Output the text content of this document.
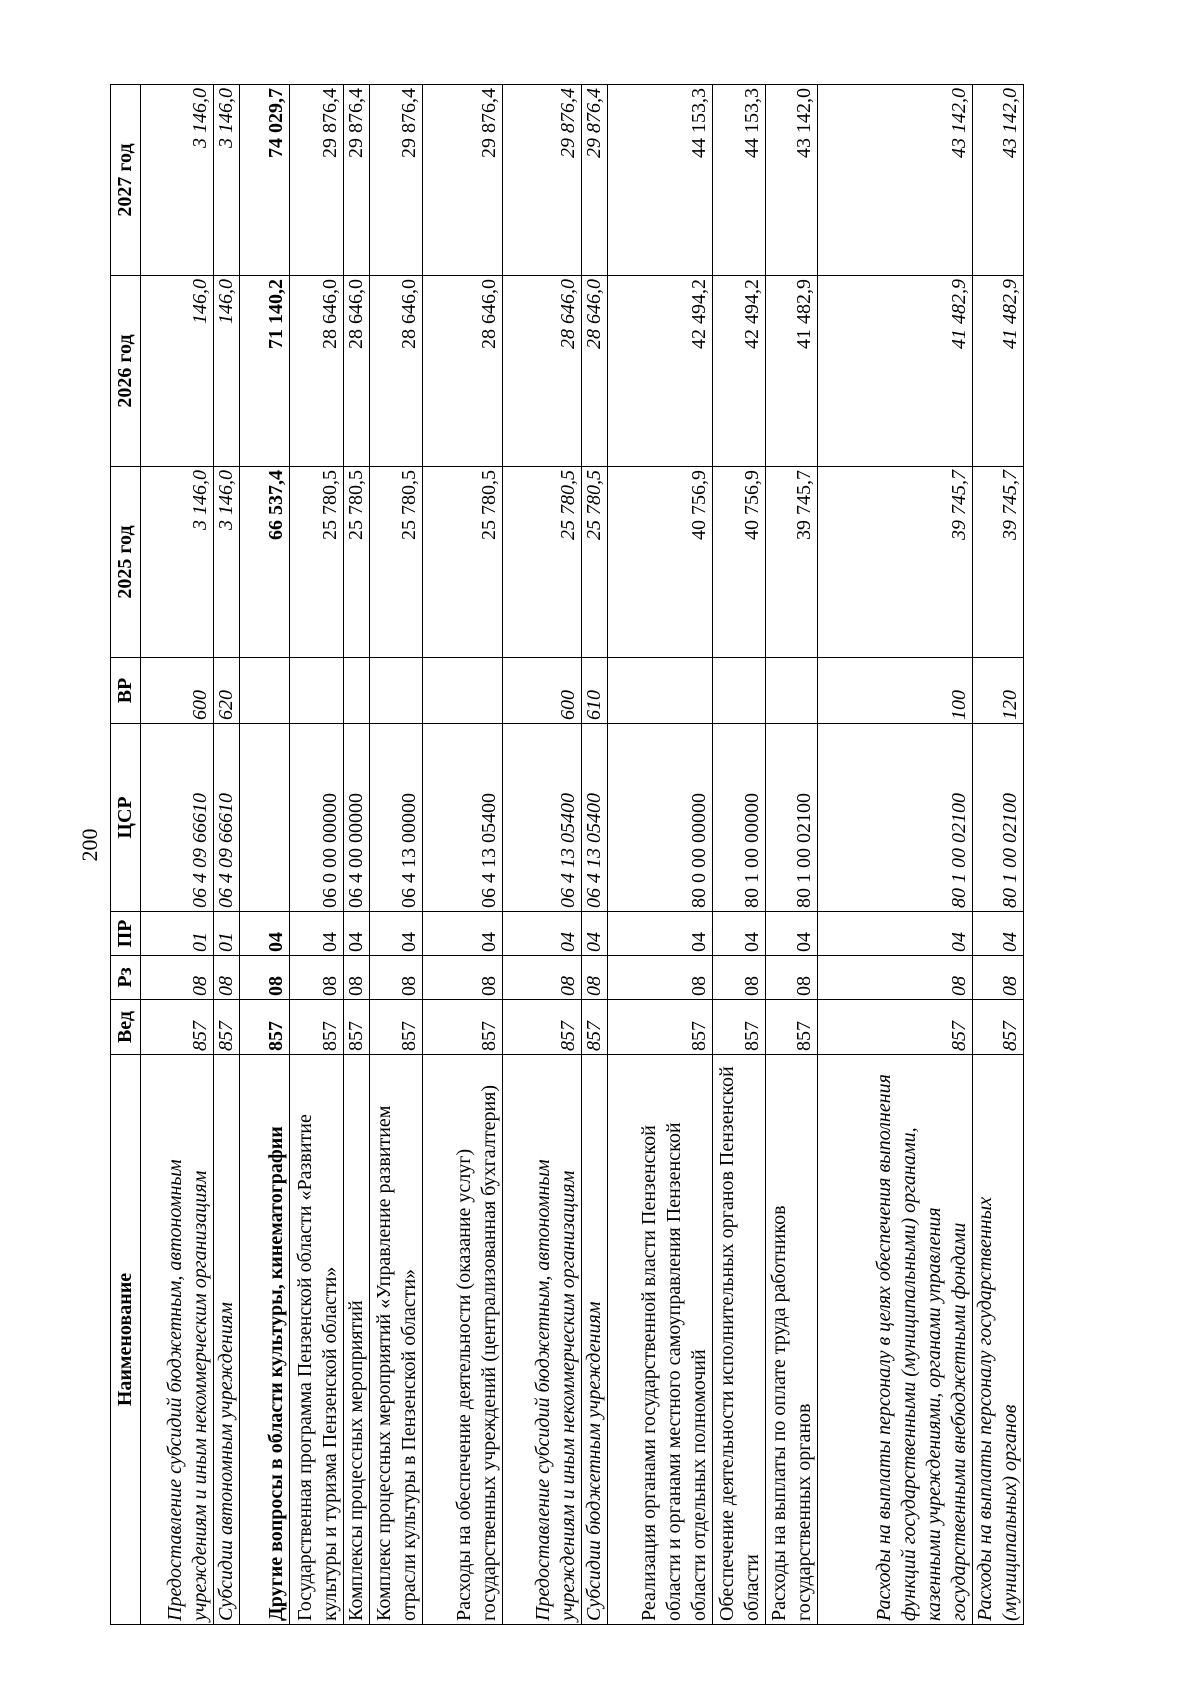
200
Наименование	Вед	Рз	ПР	ЦСР	ВР	2025 год	2026 год	2027 год
Предоставление субсидий бюджетным, автономным учреждениям и иным некоммерческим организациям	857	08	01	06 4 09 66610	600	3 146,0	146,0	3 146,0
Субсидии автономным учреждениям	857	08	01	06 4 09 66610	620	3 146,0	146,0	3 146,0
Другие вопросы в области культуры, кинематографии	857	08	04			66 537,4	71 140,2	74 029,7
Государственная программа Пензенской области «Развитие культуры и туризма Пензенской области»	857	08	04	06 0 00 00000		25 780,5	28 646,0	29 876,4
Комплексы процессных мероприятий	857	08	04	06 4 00 00000		25 780,5	28 646,0	29 876,4
Комплекс процессных мероприятий «Управление развитием отрасли культуры в Пензенской области»	857	08	04	06 4 13 00000		25 780,5	28 646,0	29 876,4
Расходы на обеспечение деятельности (оказание услуг) государственных учреждений (централизованная бухгалтерия)	857	08	04	06 4 13 05400		25 780,5	28 646,0	29 876,4
Предоставление субсидий бюджетным, автономным учреждениям и иным некоммерческим организациям	857	08	04	06 4 13 05400	600	25 780,5	28 646,0	29 876,4
Субсидии бюджетным учреждениям	857	08	04	06 4 13 05400	610	25 780,5	28 646,0	29 876,4
Реализация органами государственной власти Пензенской области и органами местного самоуправления Пензенской области отдельных полномочий	857	08	04	80 0 00 00000		40 756,9	42 494,2	44 153,3
Обеспечение деятельности исполнительных органов Пензенской области	857	08	04	80 1 00 00000		40 756,9	42 494,2	44 153,3
Расходы на выплаты по оплате труда работников государственных органов	857	08	04	80 1 00 02100		39 745,7	41 482,9	43 142,0
Расходы на выплаты персоналу в целях обеспечения выполнения функций государственными (муниципальными) органами, казенными учреждениями, органами управления государственными внебюджетными фондами	857	08	04	80 1 00 02100	100	39 745,7	41 482,9	43 142,0
Расходы на выплаты персоналу государственных (муниципальных) органов	857	08	04	80 1 00 02100	120	39 745,7	41 482,9	43 142,0
